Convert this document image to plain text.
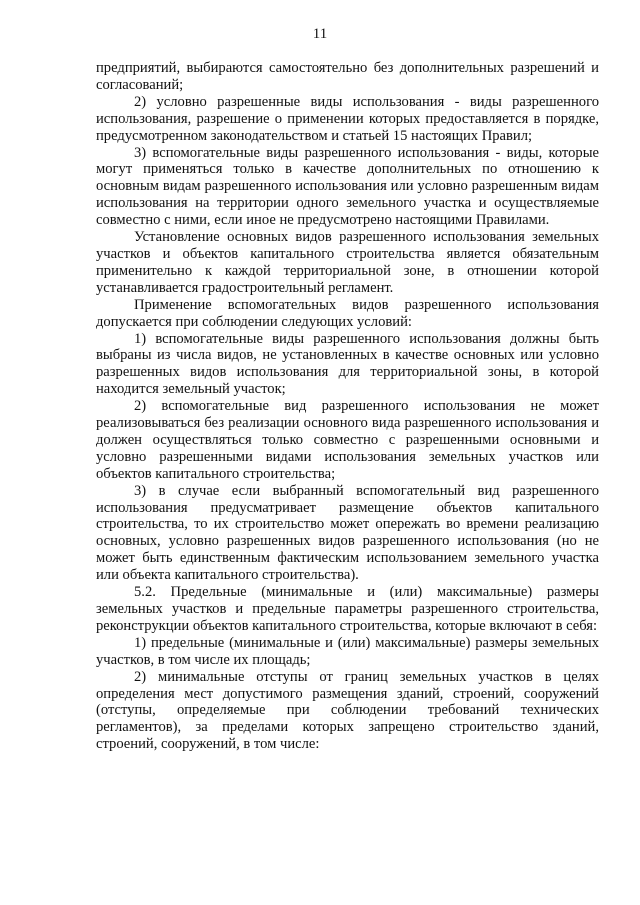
11

предприятий, выбираются самостоятельно без дополнительных разрешений и согласований;

2) условно разрешенные виды использования - виды разрешенного использования, разрешение о применении которых предоставляется в порядке, предусмотренном законодательством и статьей 15 настоящих Правил;

3) вспомогательные виды разрешенного использования - виды, которые могут применяться только в качестве дополнительных по отношению к основным видам разрешенного использования или условно разрешенным видам использования на территории одного земельного участка и осуществляемые совместно с ними, если иное не предусмотрено настоящими Правилами.

Установление основных видов разрешенного использования земельных участков и объектов капитального строительства является обязательным применительно к каждой территориальной зоне, в отношении которой устанавливается градостроительный регламент.

Применение вспомогательных видов разрешенного использования допускается при соблюдении следующих условий:

1) вспомогательные виды разрешенного использования должны быть выбраны из числа видов, не установленных в качестве основных или условно разрешенных видов использования для территориальной зоны, в которой находится земельный участок;

2) вспомогательные вид разрешенного использования не может реализовываться без реализации основного вида разрешенного использования и должен осуществляться только совместно с разрешенными основными и условно разрешенными видами использования земельных участков или объектов капитального строительства;

3) в случае если выбранный вспомогательный вид разрешенного использования предусматривает размещение объектов капитального строительства, то их строительство может опережать во времени реализацию основных, условно разрешенных видов разрешенного использования (но не может быть единственным фактическим использованием земельного участка или объекта капитального строительства).

5.2. Предельные (минимальные и (или) максимальные) размеры земельных участков и предельные параметры разрешенного строительства, реконструкции объектов капитального строительства, которые включают в себя:

1) предельные (минимальные и (или) максимальные) размеры земельных участков, в том числе их площадь;

2) минимальные отступы от границ земельных участков в целях определения мест допустимого размещения зданий, строений, сооружений (отступы, определяемые при соблюдении требований технических регламентов), за пределами которых запрещено строительство зданий, строений, сооружений, в том числе:
